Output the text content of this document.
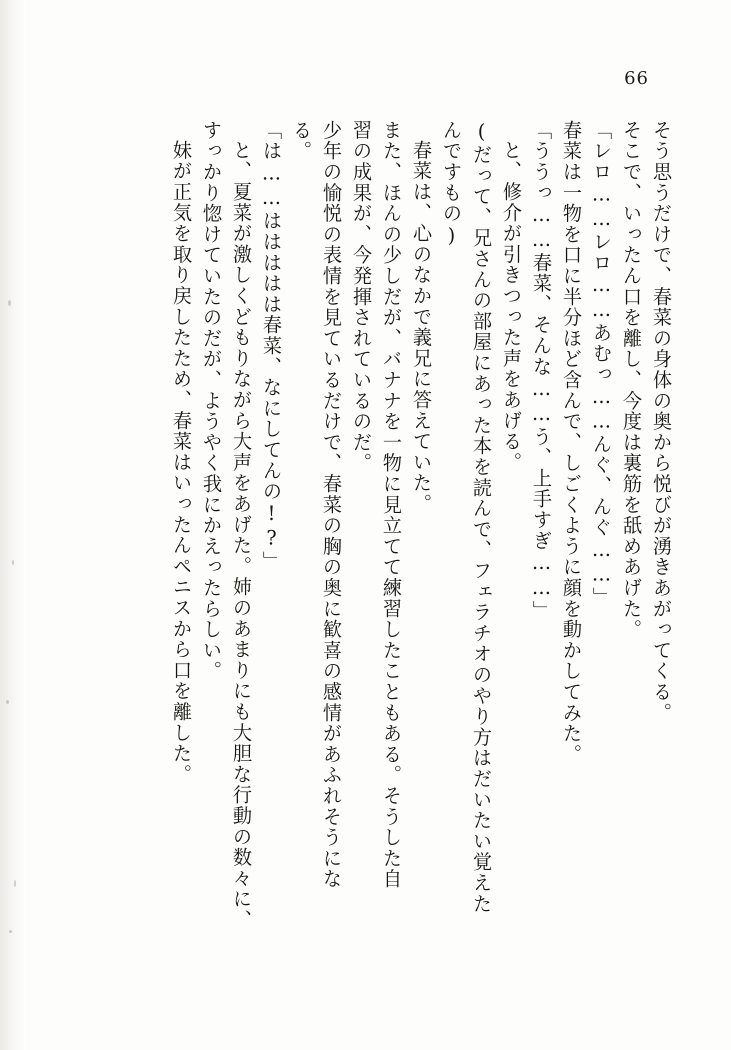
66
そう思うだけで、春菜の身体の奥から悦びが湧きあがってくる。
そこで、いったん口を離し、今度は裏筋を舐めあげた。
「レロ……レロ……あむっ……んぐ、んぐ……」
春菜は一物を口に半分ほど含んで、しごくように顔を動かしてみた。
「ううっ……春菜、そんな……う、上手すぎ……」
と、修介が引きつった声をあげる。
(だって、兄さんの部屋にあった本を読んで、フェラチオのやり方はだいたい覚えた
んですもの)
春菜は、心のなかで義兄に答えていた。
また、ほんの少しだが、バナナを一物に見立てて練習したこともある。そうした自
習の成果が、今発揮されているのだ。
少年の愉悦の表情を見ているだけで、春菜の胸の奥に歓喜の感情があふれそうにな
る。
「は……ははははは春菜、なにしてんの!?」
と、夏菜が激しくどもりながら大声をあげた。姉のあまりにも大胆な行動の数々に、
すっかり惚けていたのだが、ようやく我にかえったらしい。
妹が正気を取り戻したため、春菜はいったんペニスから口を離した。
